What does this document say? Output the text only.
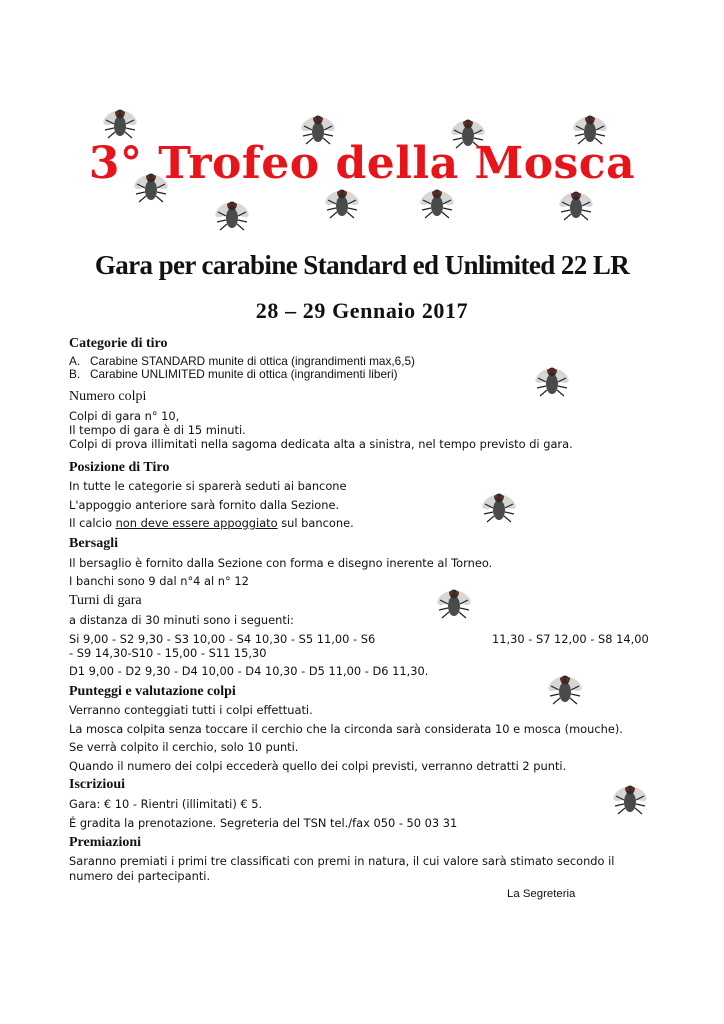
3° Trofeo della Mosca
Gara per carabine Standard ed Unlimited 22 LR

28 – 29 Gennaio 2017

Categorie di tiro

A. Carabine STANDARD munite di ottica (ingrandimenti max,6,5)
B. Carabine UNLIMITED munite di ottica (ingrandimenti liberi)

Numero colpi

Colpi di gara n° 10,

Il tempo di gara è di 15 minuti.

Colpi di prova illimitati nella sagoma dedicata alta a sinistra, nel tempo previsto di gara.

Posizione di Tiro

In tutte le categorie si sparerà seduti ai bancone

L'appoggio anteriore sarà fornito dalla Sezione.

Il calcio non deve essere appoggiato sul bancone.

Bersagli

Il bersaglio è fornito dalla Sezione con forma e disegno inerente al Torneo.

I banchi sono 9 dal n°4 al n° 12

Turni di gara

a distanza di 30 minuti sono i seguenti:

Si 9,00 - S2 9,30 - S3 10,00 - S4 10,30 - S5 11,00 - S6	11,30 - S7 12,00 - S8 14,00

- S9 14,30-S10 - 15,00 - S11 15,30

D1 9,00 - D2 9,30 - D4 10,00 - D4 10,30 - D5 11,00 - D6 11,30.

Punteggi e valutazione colpi

Verranno conteggiati tutti i colpi effettuati.

La mosca colpita senza toccare il cerchio che la circonda sarà considerata 10 e mosca (mouche).

Se verrà colpito il cerchio, solo 10 punti.

Quando il numero dei colpi eccederà quello dei colpi previsti, verranno detratti 2 punti.

Iscrizioui

Gara: € 10 - Rientri (illimitati) € 5.

É gradita la prenotazione. Segreteria del TSN tel./fax 050 - 50 03 31

Premiazioni

Saranno premiati i primi tre classificati con premi in natura, il cui valore sarà stimato secondo il

numero dei partecipanti.

La Segreteria
